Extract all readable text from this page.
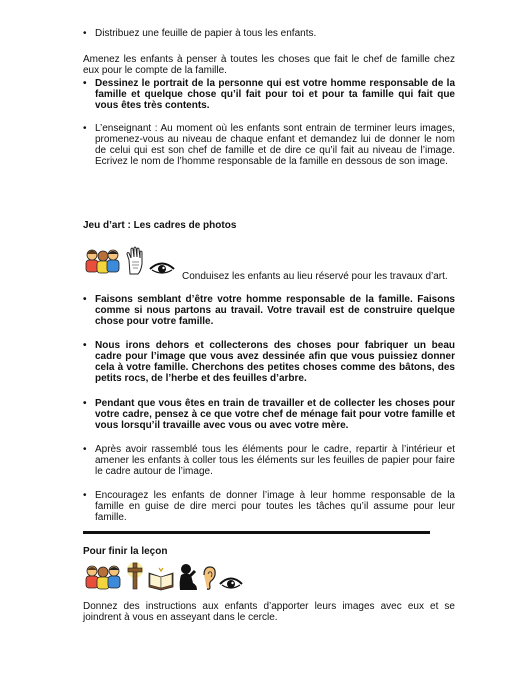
• Distribuez une feuille de papier à tous les enfants.
Amenez les enfants à penser à toutes les choses que fait le chef de famille chez eux pour le compte de la famille.
• Dessinez le portrait de la personne qui est votre homme responsable de la famille et quelque chose qu’il fait pour toi et pour ta famille qui fait que vous êtes très contents.
• L’enseignant : Au moment où les enfants sont entrain de terminer leurs images, promenez-vous au niveau de chaque enfant et demandez lui de donner le nom de celui qui est son chef de famille et de dire ce qu’il fait au niveau de l’image. Ecrivez le nom de l’homme responsable de la famille en dessous de son image.
Jeu d’art : Les cadres de photos
Conduisez les enfants au lieu réservé pour les travaux d’art.
• Faisons semblant d’être votre homme responsable de la famille. Faisons comme si nous partons au travail. Votre travail est de construire quelque chose pour votre famille.
• Nous irons dehors et collecterons des choses pour fabriquer un beau cadre pour l’image que vous avez dessinée afin que vous puissiez donner cela à votre famille. Cherchons des petites choses comme des bâtons, des petits rocs, de l’herbe et des feuilles d’arbre.
• Pendant que vous êtes en train de travailler et de collecter les choses pour votre cadre, pensez à ce que votre chef de ménage fait pour votre famille et vous lorsqu’il travaille avec vous ou avec votre mère.
• Après avoir rassemblé tous les éléments pour le cadre, repartir à l’intérieur et amener les enfants à coller tous les éléments sur les feuilles de papier pour faire le cadre autour de l’image.
• Encouragez les enfants de donner l’image à leur homme responsable de la famille en guise de dire merci pour toutes les tâches qu’il assume pour leur famille.
Pour finir la leçon
Donnez des instructions aux enfants d’apporter leurs images avec eux et se joindrent à vous en asseyant dans le cercle.
